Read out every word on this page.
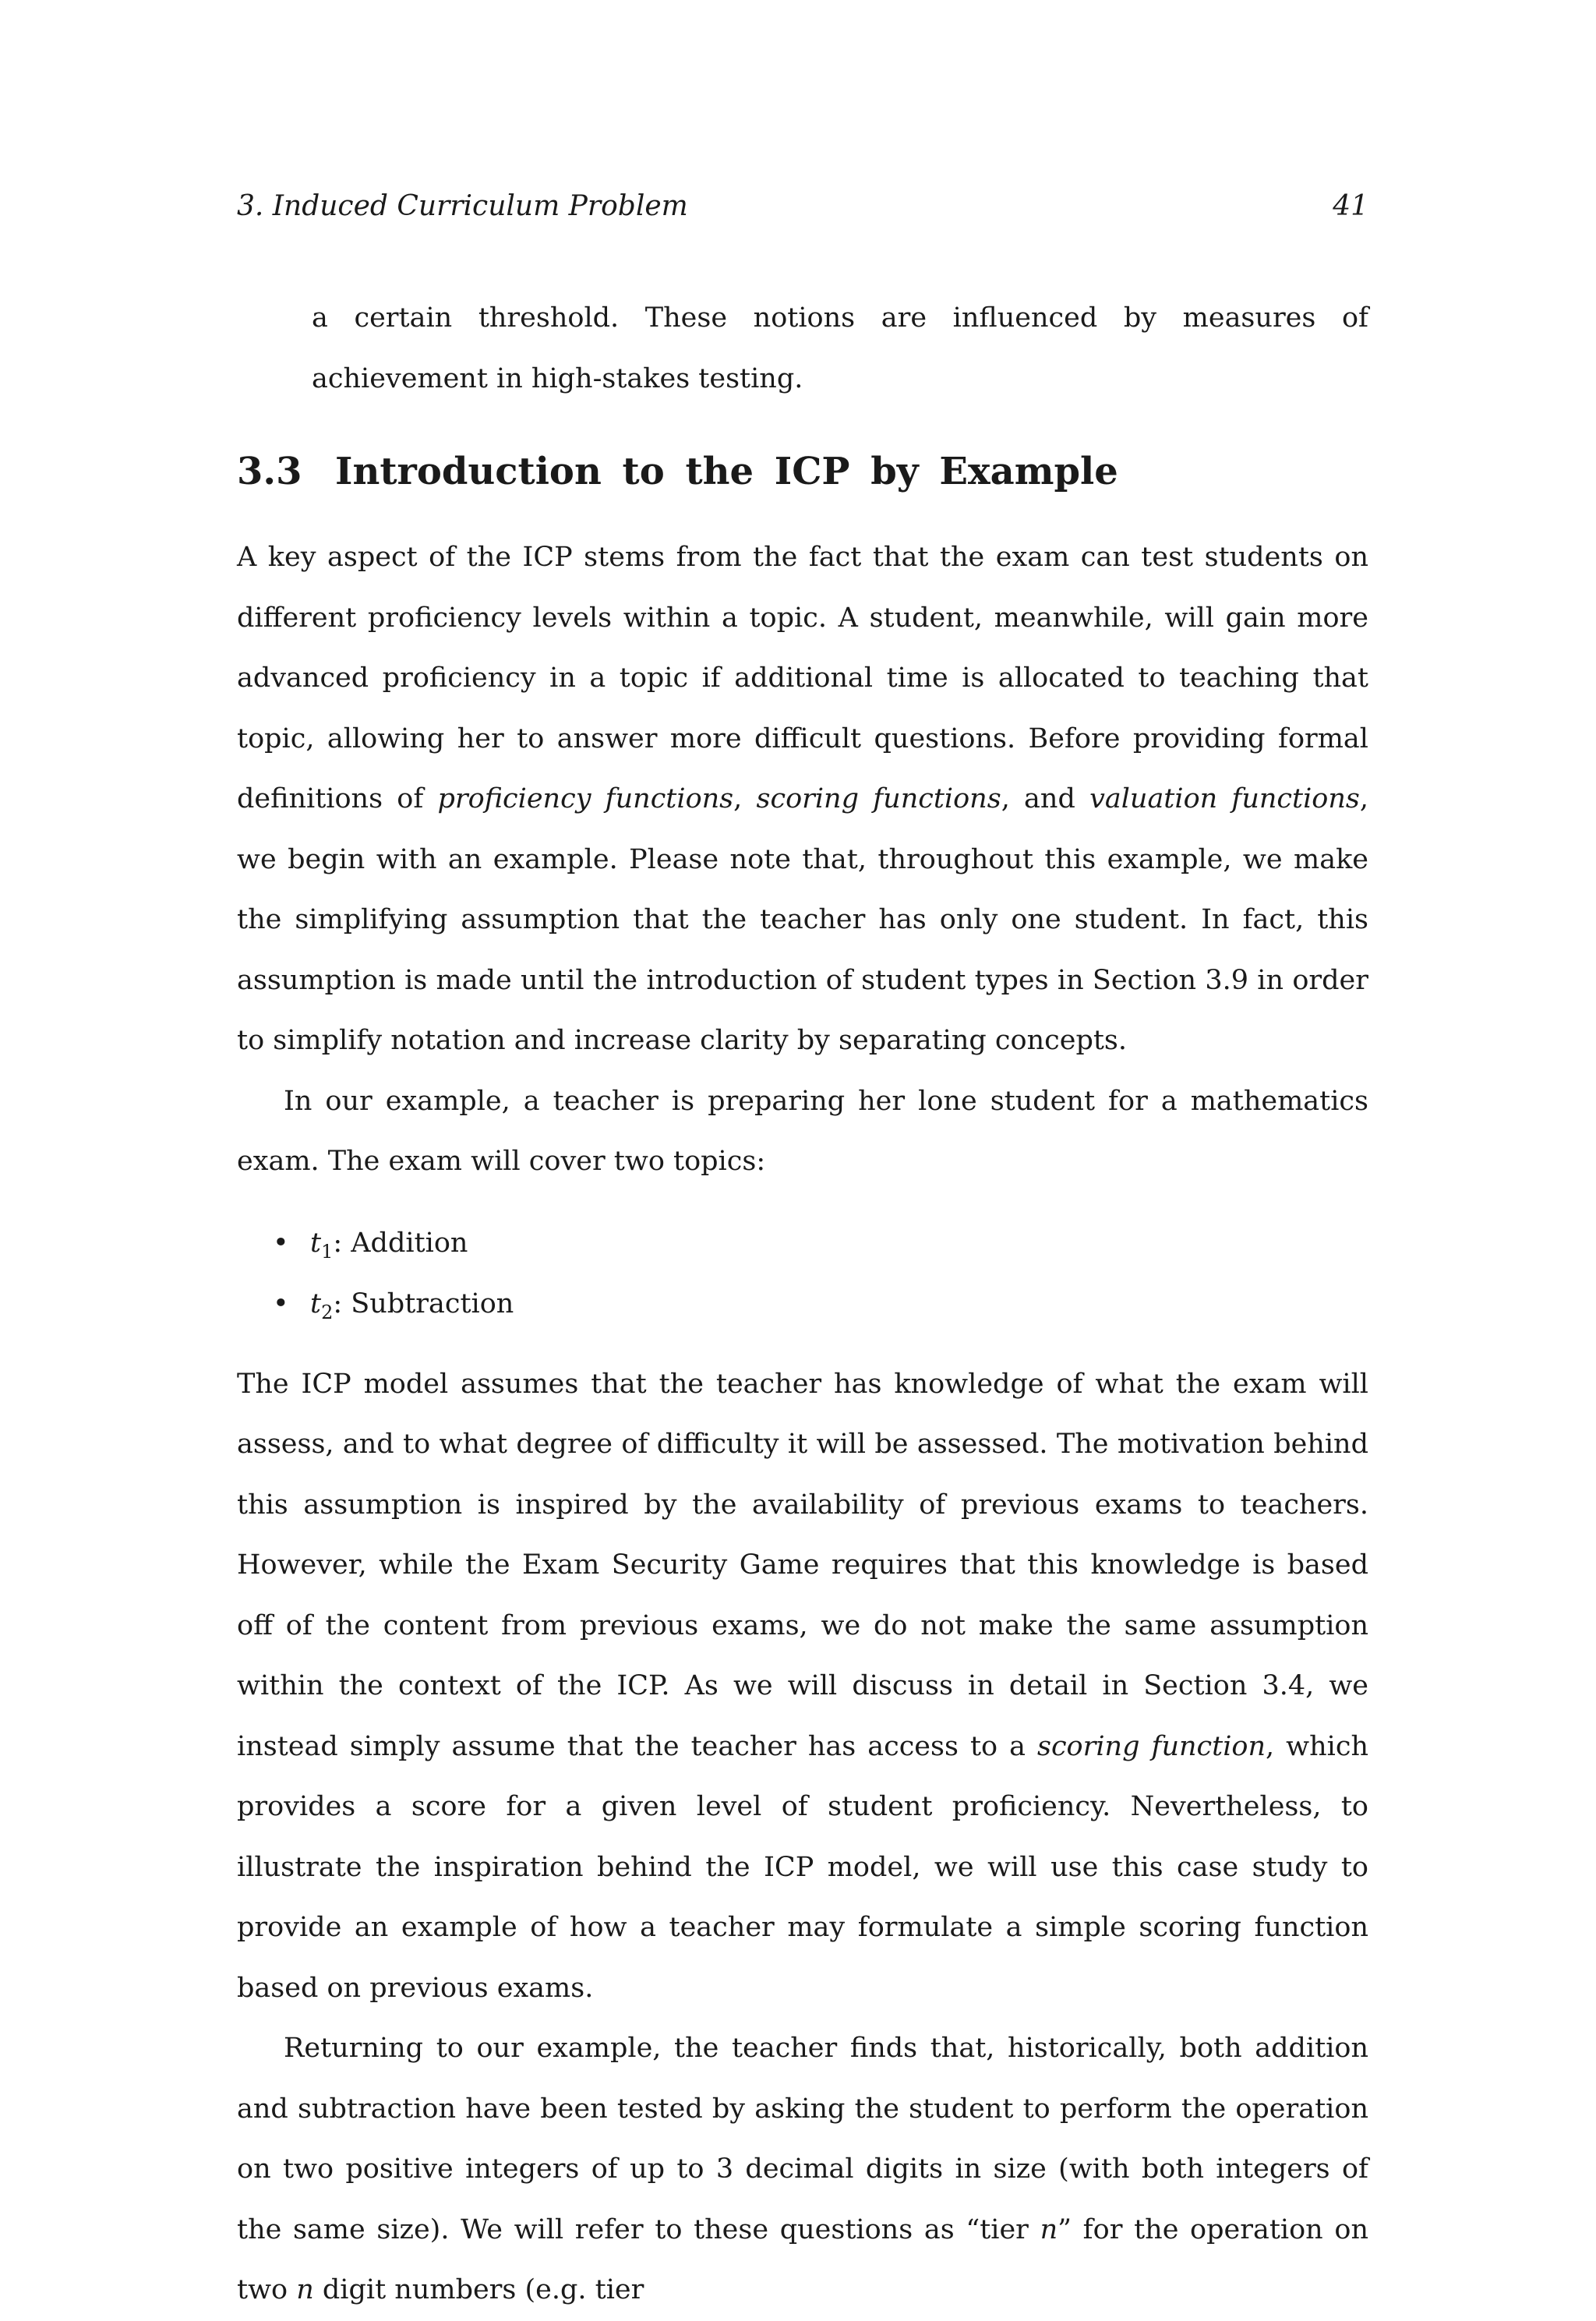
3. Induced Curriculum Problem	41

a certain threshold. These notions are influenced by measures of achievement in high-stakes testing.

3.3 Introduction to the ICP by Example

A key aspect of the ICP stems from the fact that the exam can test students on different proficiency levels within a topic. A student, meanwhile, will gain more advanced proficiency in a topic if additional time is allocated to teaching that topic, allowing her to answer more difficult questions. Before providing formal definitions of proficiency functions, scoring functions, and valuation functions, we begin with an example. Please note that, throughout this example, we make the simplifying assumption that the teacher has only one student. In fact, this assumption is made until the introduction of student types in Section 3.9 in order to simplify notation and increase clarity by separating concepts.

In our example, a teacher is preparing her lone student for a mathematics exam. The exam will cover two topics:

• $t_1$: Addition
• $t_2$: Subtraction

The ICP model assumes that the teacher has knowledge of what the exam will assess, and to what degree of difficulty it will be assessed. The motivation behind this assumption is inspired by the availability of previous exams to teachers. However, while the Exam Security Game requires that this knowledge is based off of the content from previous exams, we do not make the same assumption within the context of the ICP. As we will discuss in detail in Section 3.4, we instead simply assume that the teacher has access to a scoring function, which provides a score for a given level of student proficiency. Nevertheless, to illustrate the inspiration behind the ICP model, we will use this case study to provide an example of how a teacher may formulate a simple scoring function based on previous exams.

Returning to our example, the teacher finds that, historically, both addition and subtraction have been tested by asking the student to perform the operation on two positive integers of up to 3 decimal digits in size (with both integers of the same size). We will refer to these questions as “tier n” for the operation on two n digit numbers (e.g. tier
